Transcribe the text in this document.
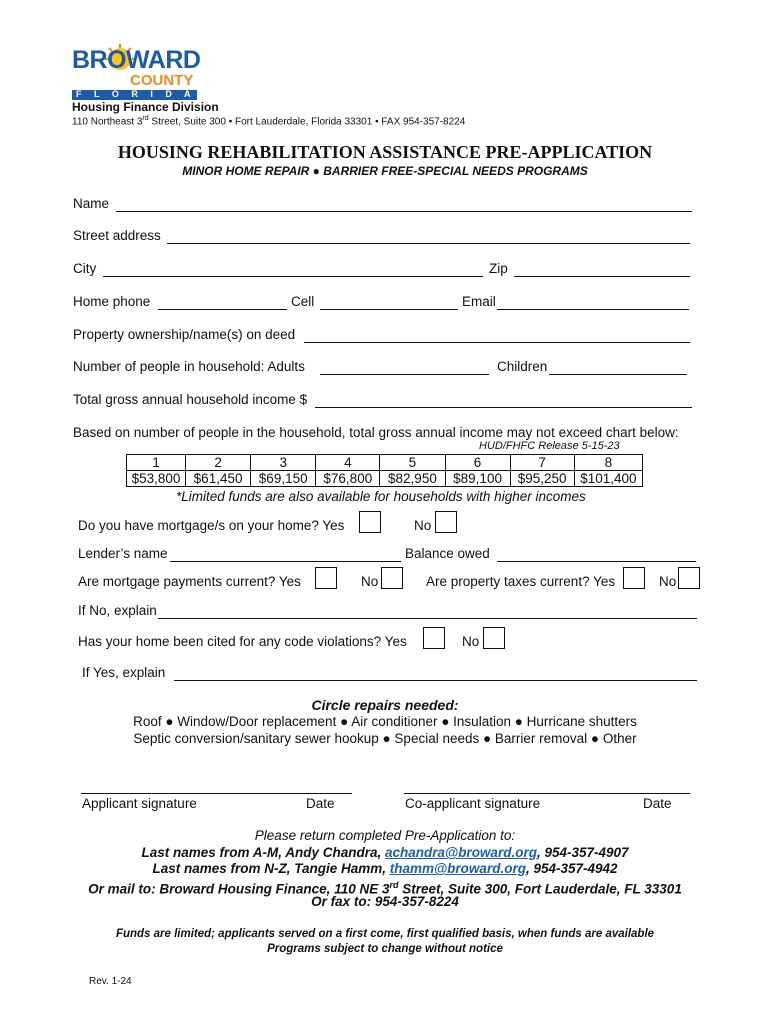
BROWARD
COUNTY
F L O R I D A
Housing Finance Division
110 Northeast 3rd Street, Suite 300 • Fort Lauderdale, Florida 33301 • FAX 954-357-8224
HOUSING REHABILITATION ASSISTANCE PRE-APPLICATION
MINOR HOME REPAIR ● BARRIER FREE-SPECIAL NEEDS PROGRAMS
Name
Street address
City	Zip
Home phone	Cell	Email
Property ownership/name(s) on deed
Number of people in household: Adults	Children
Total gross annual household income $
Based on number of people in the household, total gross annual income may not exceed chart below:
HUD/FHFC Release 5-15-23
1	2	3	4	5	6	7	8
$53,800	$61,450	$69,150	$76,800	$82,950	$89,100	$95,250	$101,400
*Limited funds are also available for households with higher incomes
Do you have mortgage/s on your home? Yes	No
Lender’s name	Balance owed
Are mortgage payments current? Yes	No	Are property taxes current? Yes	No
If No, explain
Has your home been cited for any code violations? Yes	No
If Yes, explain
Circle repairs needed:
Roof ● Window/Door replacement ● Air conditioner ● Insulation ● Hurricane shutters
Septic conversion/sanitary sewer hookup ● Special needs ● Barrier removal ● Other
Applicant signature	Date	Co-applicant signature	Date
Please return completed Pre-Application to:
Last names from A-M, Andy Chandra, achandra@broward.org, 954-357-4907
Last names from N-Z, Tangie Hamm, thamm@broward.org, 954-357-4942
Or mail to: Broward Housing Finance, 110 NE 3rd Street, Suite 300, Fort Lauderdale, FL 33301
Or fax to: 954-357-8224
Funds are limited; applicants served on a first come, first qualified basis, when funds are available
Programs subject to change without notice
Rev. 1-24
